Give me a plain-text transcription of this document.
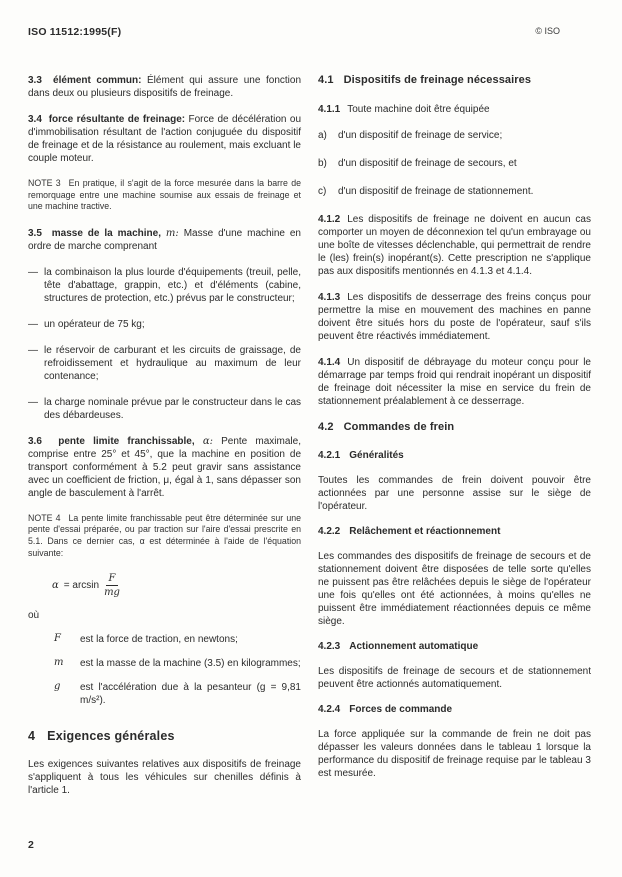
ISO 11512:1995(F)	© ISO

3.3 élément commun: Élément qui assure une fonction dans deux ou plusieurs dispositifs de freinage.

3.4 force résultante de freinage: Force de décélération ou d'immobilisation résultant de l'action conjuguée du dispositif de freinage et de la résistance au roulement, mais excluant le couple moteur.

NOTE 3 En pratique, il s'agit de la force mesurée dans la barre de remorquage entre une machine soumise aux essais de freinage et une machine tractive.

3.5 masse de la machine, m: Masse d'une machine en ordre de marche comprenant

— la combinaison la plus lourde d'équipements (treuil, pelle, tête d'abattage, grappin, etc.) et d'éléments (cabine, structures de protection, etc.) prévus par le constructeur;
— un opérateur de 75 kg;
— le réservoir de carburant et les circuits de graissage, de refroidissement et hydraulique au maximum de leur contenance;
— la charge nominale prévue par le constructeur dans le cas des débardeuses.

3.6 pente limite franchissable, α: Pente maximale, comprise entre 25° et 45°, que la machine en position de transport conformément à 5.2 peut gravir sans assistance avec un coefficient de friction, μ, égal à 1, sans dépasser son angle de basculement à l'arrêt.

NOTE 4 La pente limite franchissable peut être déterminée sur une pente d'essai préparée, ou par traction sur l'aire d'essai prescrite en 5.1. Dans ce dernier cas, α est déterminée à l'aide de l'équation suivante:

$\alpha = \arcsin \frac{F}{mg}$

où

F	est la force de traction, en newtons;
m	est la masse de la machine (3.5) en kilogrammes;
g	est l'accélération due à la pesanteur (g = 9,81 m/s²).
4 Exigences générales

Les exigences suivantes relatives aux dispositifs de freinage s'appliquent à tous les véhicules sur chenilles définis à l'article 1.

4.1 Dispositifs de freinage nécessaires

4.1.1 Toute machine doit être équipée

a)	d'un dispositif de freinage de service;
b)	d'un dispositif de freinage de secours, et
c)	d'un dispositif de freinage de stationnement.

4.1.2 Les dispositifs de freinage ne doivent en aucun cas comporter un moyen de déconnexion tel qu'un embrayage ou une boîte de vitesses déclenchable, qui permettrait de rendre le (les) frein(s) inopérant(s). Cette prescription ne s'applique pas aux dispositifs mentionnés en 4.1.3 et 4.1.4.

4.1.3 Les dispositifs de desserrage des freins conçus pour permettre la mise en mouvement des machines en panne doivent être situés hors du poste de l'opérateur, sauf s'ils peuvent être réactivés immédiatement.

4.1.4 Un dispositif de débrayage du moteur conçu pour le démarrage par temps froid qui rendrait inopérant un dispositif de freinage doit nécessiter la mise en service du frein de stationnement préalablement à ce desserrage.

4.2 Commandes de frein
4.2.1 Généralités

Toutes les commandes de frein doivent pouvoir être actionnées par une personne assise sur le siège de l'opérateur.

4.2.2 Relâchement et réactionnement

Les commandes des dispositifs de freinage de secours et de stationnement doivent être disposées de telle sorte qu'elles ne puissent pas être relâchées depuis le siège de l'opérateur une fois qu'elles ont été actionnées, à moins qu'elles ne puissent être immédiatement réactionnées depuis ce même siège.

4.2.3 Actionnement automatique

Les dispositifs de freinage de secours et de stationnement peuvent être actionnés automatiquement.

4.2.4 Forces de commande

La force appliquée sur la commande de frein ne doit pas dépasser les valeurs données dans le tableau 1 lorsque la performance du dispositif de freinage requise par le tableau 3 est mesurée.

2
